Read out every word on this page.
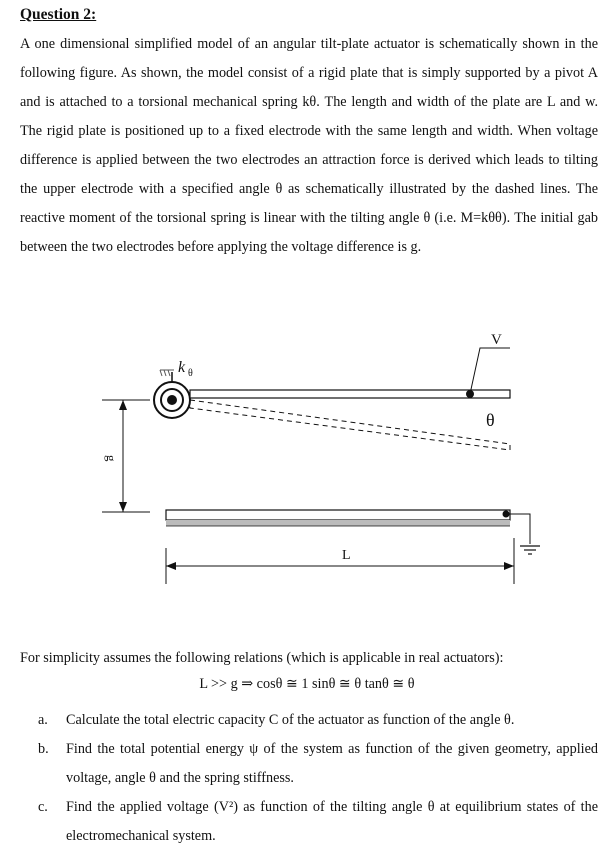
Question 2:

A one dimensional simplified model of an angular tilt-plate actuator is schematically shown in the following figure. As shown, the model consist of a rigid plate that is simply supported by a pivot A and is attached to a torsional mechanical spring kθ. The length and width of the plate are L and w. The rigid plate is positioned up to a fixed electrode with the same length and width. When voltage difference is applied between the two electrodes an attraction force is derived which leads to tilting the upper electrode with a specified angle θ as schematically illustrated by the dashed lines. The reactive moment of the torsional spring is linear with the tilting angle θ (i.e. M=kθθ). The initial gab between the two electrodes before applying the voltage difference is g.

k θ
V
θ
g
L
For simplicity assumes the following relations (which is applicable in real actuators):
L >> g ⇒ cosθ ≅ 1 sinθ ≅ θ tanθ ≅ θ
a.	Calculate the total electric capacity C of the actuator as function of the angle θ.
b.	Find the total potential energy ψ of the system as function of the given geometry, applied voltage, angle θ and the spring stiffness.
c.	Find the applied voltage (V²) as function of the tilting angle θ at equilibrium states of the electromechanical system.
